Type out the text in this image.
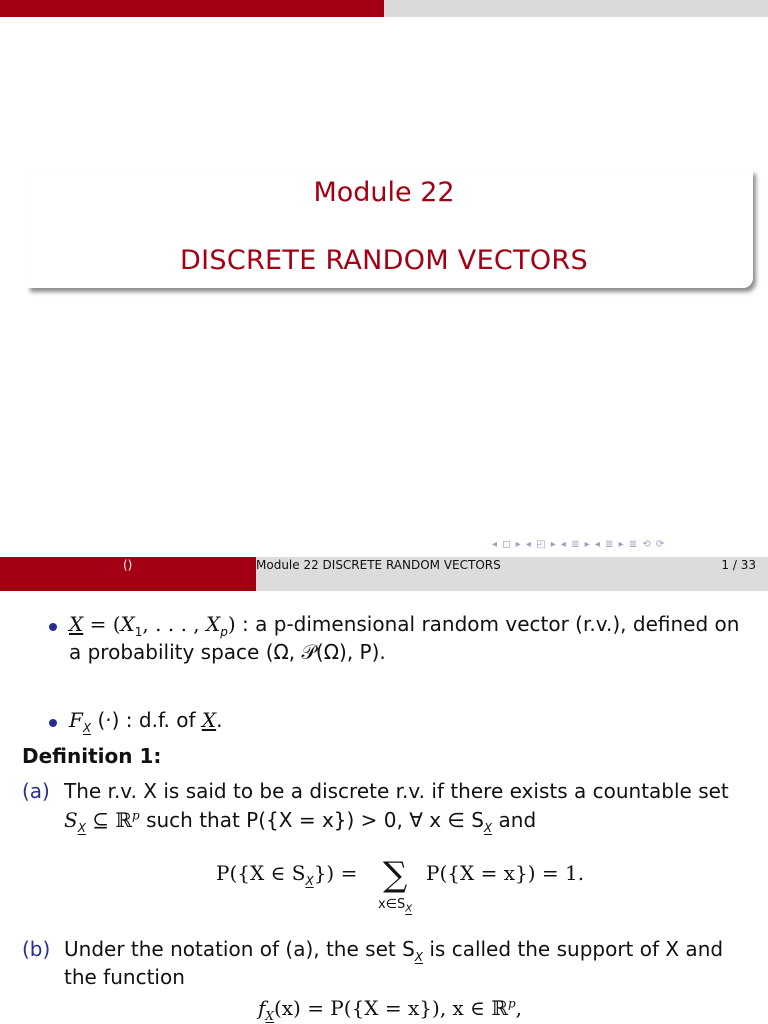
Module 22
DISCRETE RANDOM VECTORS
◂ ◻ ▸ ◂ ◰ ▸ ◂ ≣ ▸ ◂ ≣ ▸ ≣ ⟲ ⟳
()	Module 22 DISCRETE RANDOM VECTORS	1 / 33
$X = (X_1$, . . . , $X_p$) : a p-dimensional random vector (r.v.), defined on
a probability space (Ω, 𝒫(Ω), P).
$F_X$ (·) : d.f. of X.
Definition 1:
(a) The r.v. X is said to be a discrete r.v. if there exists a countable set
$S_X$ ⊆ ℝ$^p$ such that P({X = x}) > 0, ∀ x ∈ $S_X$ and
P({X ∈ $S_X$}) = ∑ P({X = x}) = 1.
$x\in S_X$
(b) Under the notation of (a), the set $S_X$ is called the support of X and
the function
$f_X(x) = P(\{X = x\})$, x ∈ ℝ$^p$,
